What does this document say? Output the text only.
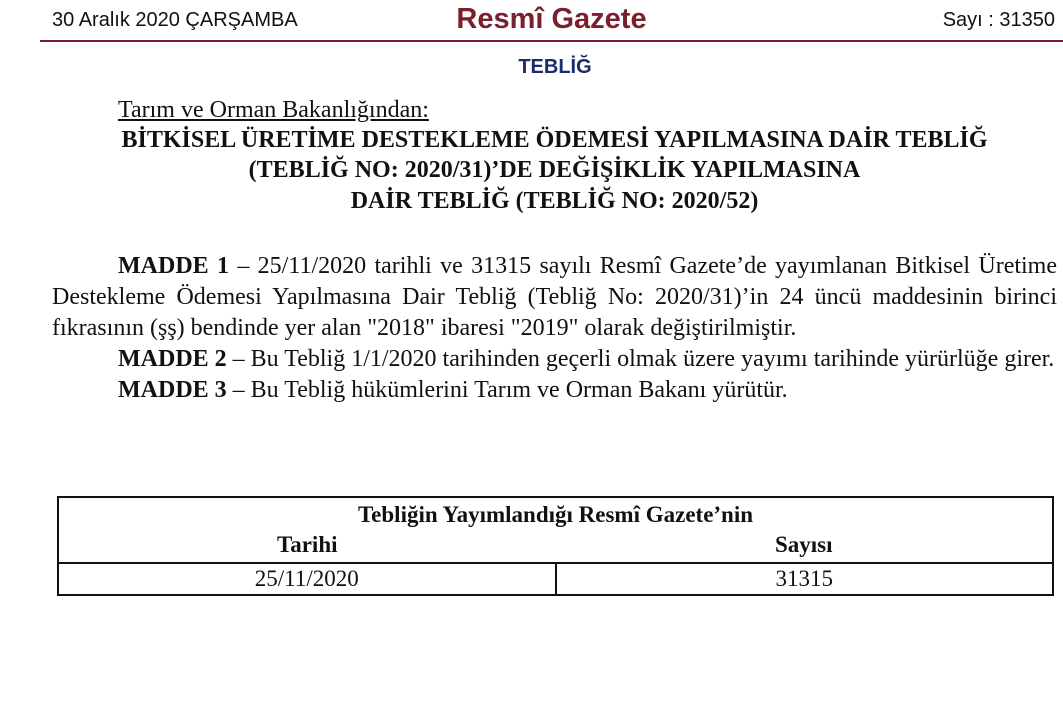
30 Aralık 2020 ÇARŞAMBA	Resmî Gazete	Sayı : 31350
TEBLİĞ
Tarım ve Orman Bakanlığından:
BİTKİSEL ÜRETİME DESTEKLEME ÖDEMESİ YAPILMASINA DAİR TEBLİĞ
(TEBLİĞ NO: 2020/31)’DE DEĞİŞİKLİK YAPILMASINA
DAİR TEBLİĞ (TEBLİĞ NO: 2020/52)

MADDE 1 – 25/11/2020 tarihli ve 31315 sayılı Resmî Gazete’de yayımlanan Bitkisel Üretime Destekleme Ödemesi Yapılmasına Dair Tebliğ (Tebliğ No: 2020/31)’in 24 üncü maddesinin birinci fıkrasının (şş) bendinde yer alan "2018" ibaresi "2019" olarak değiştirilmiştir.

MADDE 2 – Bu Tebliğ 1/1/2020 tarihinden geçerli olmak üzere yayımı tarihinde yürürlüğe girer.

MADDE 3 – Bu Tebliğ hükümlerini Tarım ve Orman Bakanı yürütür.

Tebliğin Yayımlandığı Resmî Gazete’nin
Tarihi	Sayısı

25/11/2020	31315
